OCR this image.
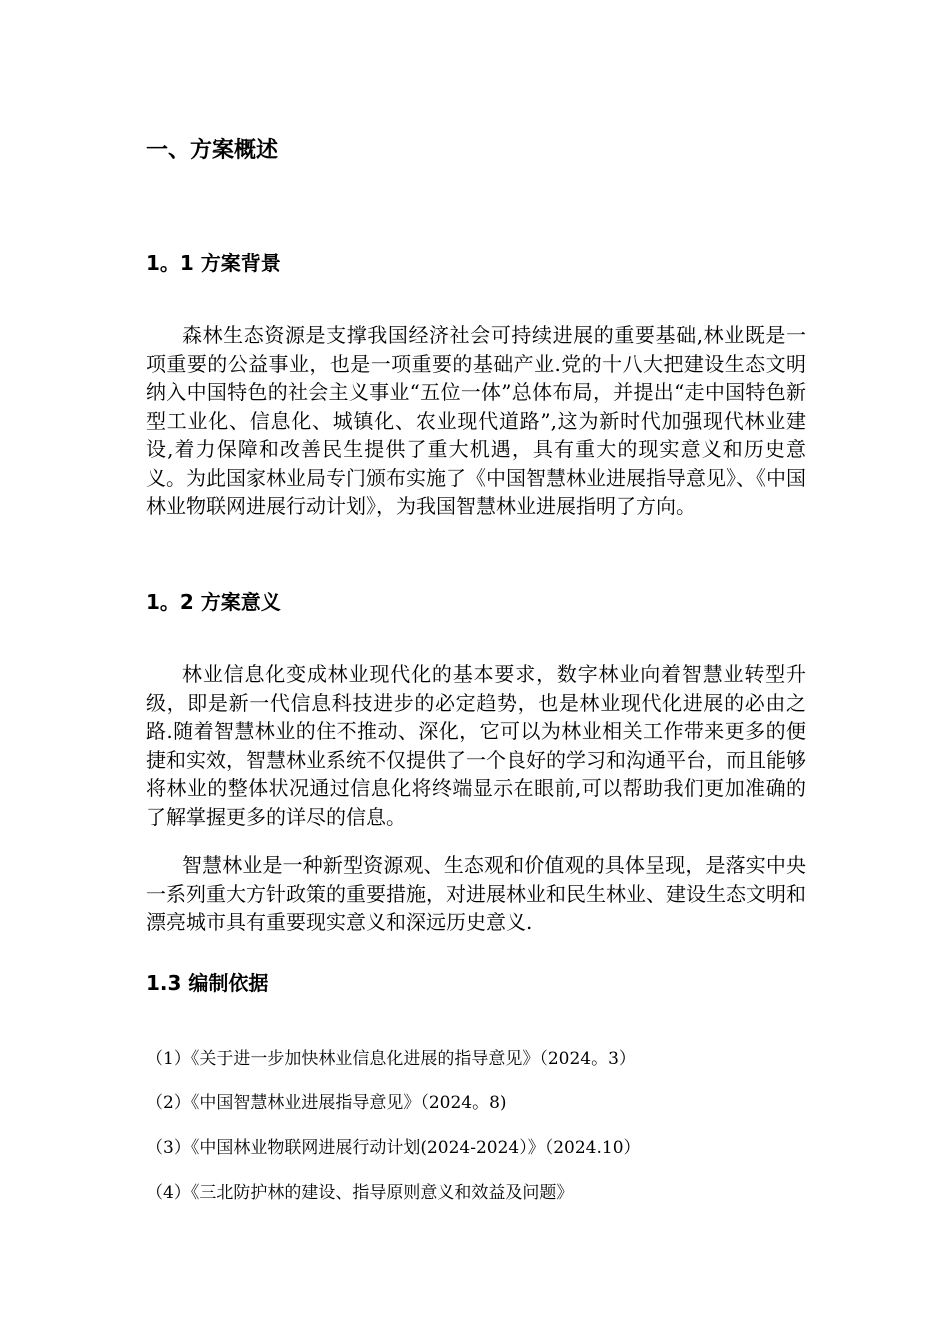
一、方案概述
1。1 方案背景

森林生态资源是支撑我国经济社会可持续进展的重要基础,林业既是一项重要的公益事业，也是一项重要的基础产业.党的十八大把建设生态文明纳入中国特色的社会主义事业“五位一体”总体布局，并提出“走中国特色新型工业化、信息化、城镇化、农业现代道路”,这为新时代加强现代林业建设,着力保障和改善民生提供了重大机遇，具有重大的现实意义和历史意义。为此国家林业局专门颁布实施了《中国智慧林业进展指导意见》、《中国林业物联网进展行动计划》，为我国智慧林业进展指明了方向。

1。2 方案意义

林业信息化变成林业现代化的基本要求，数字林业向着智慧业转型升级，即是新一代信息科技进步的必定趋势，也是林业现代化进展的必由之路.随着智慧林业的住不推动、深化，它可以为林业相关工作带来更多的便捷和实效，智慧林业系统不仅提供了一个良好的学习和沟通平台，而且能够将林业的整体状况通过信息化将终端显示在眼前,可以帮助我们更加准确的了解掌握更多的详尽的信息。

智慧林业是一种新型资源观、生态观和价值观的具体呈现，是落实中央一系列重大方针政策的重要措施，对进展林业和民生林业、建设生态文明和漂亮城市具有重要现实意义和深远历史意义.

1.3 编制依据
（1）《关于进一步加快林业信息化进展的指导意见》（2024。3）
（2）《中国智慧林业进展指导意见》（2024。8)
（3）《中国林业物联网进展行动计划(2024-2024）》（2024.10）
（4）《三北防护林的建设、指导原则意义和效益及问题》
